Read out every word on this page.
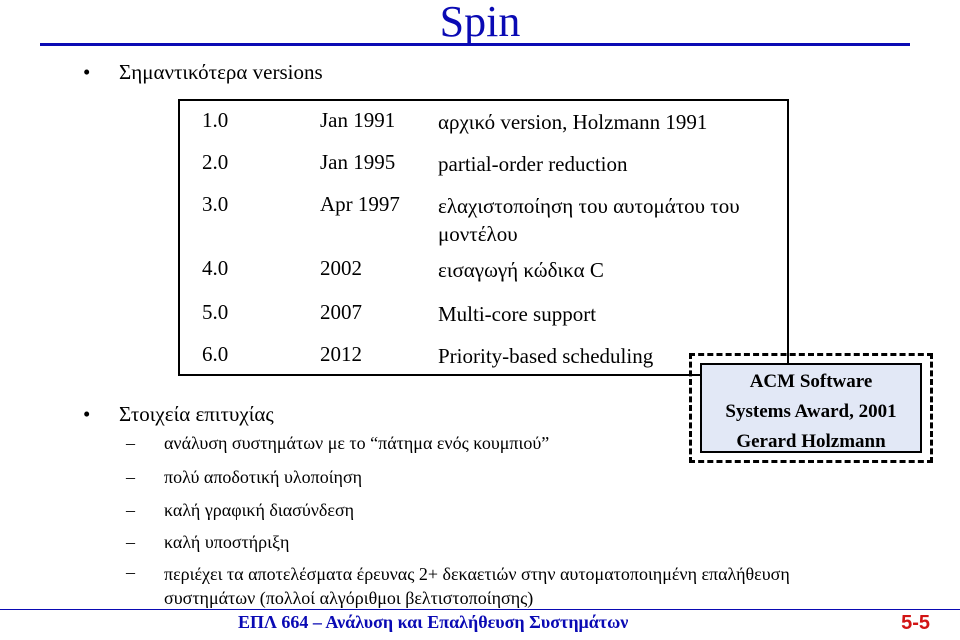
Spin
• Σημαντικότερα versions
1.0	Jan 1991 αρχικό version, Holzmann 1991
2.0	Jan 1995 partial-order reduction
3.0	Apr 1997 ελαχιστοποίηση του αυτομάτου του μοντέλου
4.0	2002	εισαγωγή κώδικα C
5.0	2007	Multi-core support
6.0	2012	Priority-based scheduling
• Στοιχεία επιτυχίας
– ανάλυση συστημάτων με το “πάτημα ενός κουμπιού”
– πολύ αποδοτική υλοποίηση
– καλή γραφική διασύνδεση
– καλή υποστήριξη
– περιέχει τα αποτελέσματα έρευνας 2+ δεκαετιών στην αυτοματοποιημένη επαλήθευση συστημάτων (πολλοί αλγόριθμοι βελτιστοποίησης)
ACM Software
Systems Award, 2001
Gerard Holzmann
ΕΠΛ 664 – Ανάλυση και Επαλήθευση Συστημάτων	5-5
